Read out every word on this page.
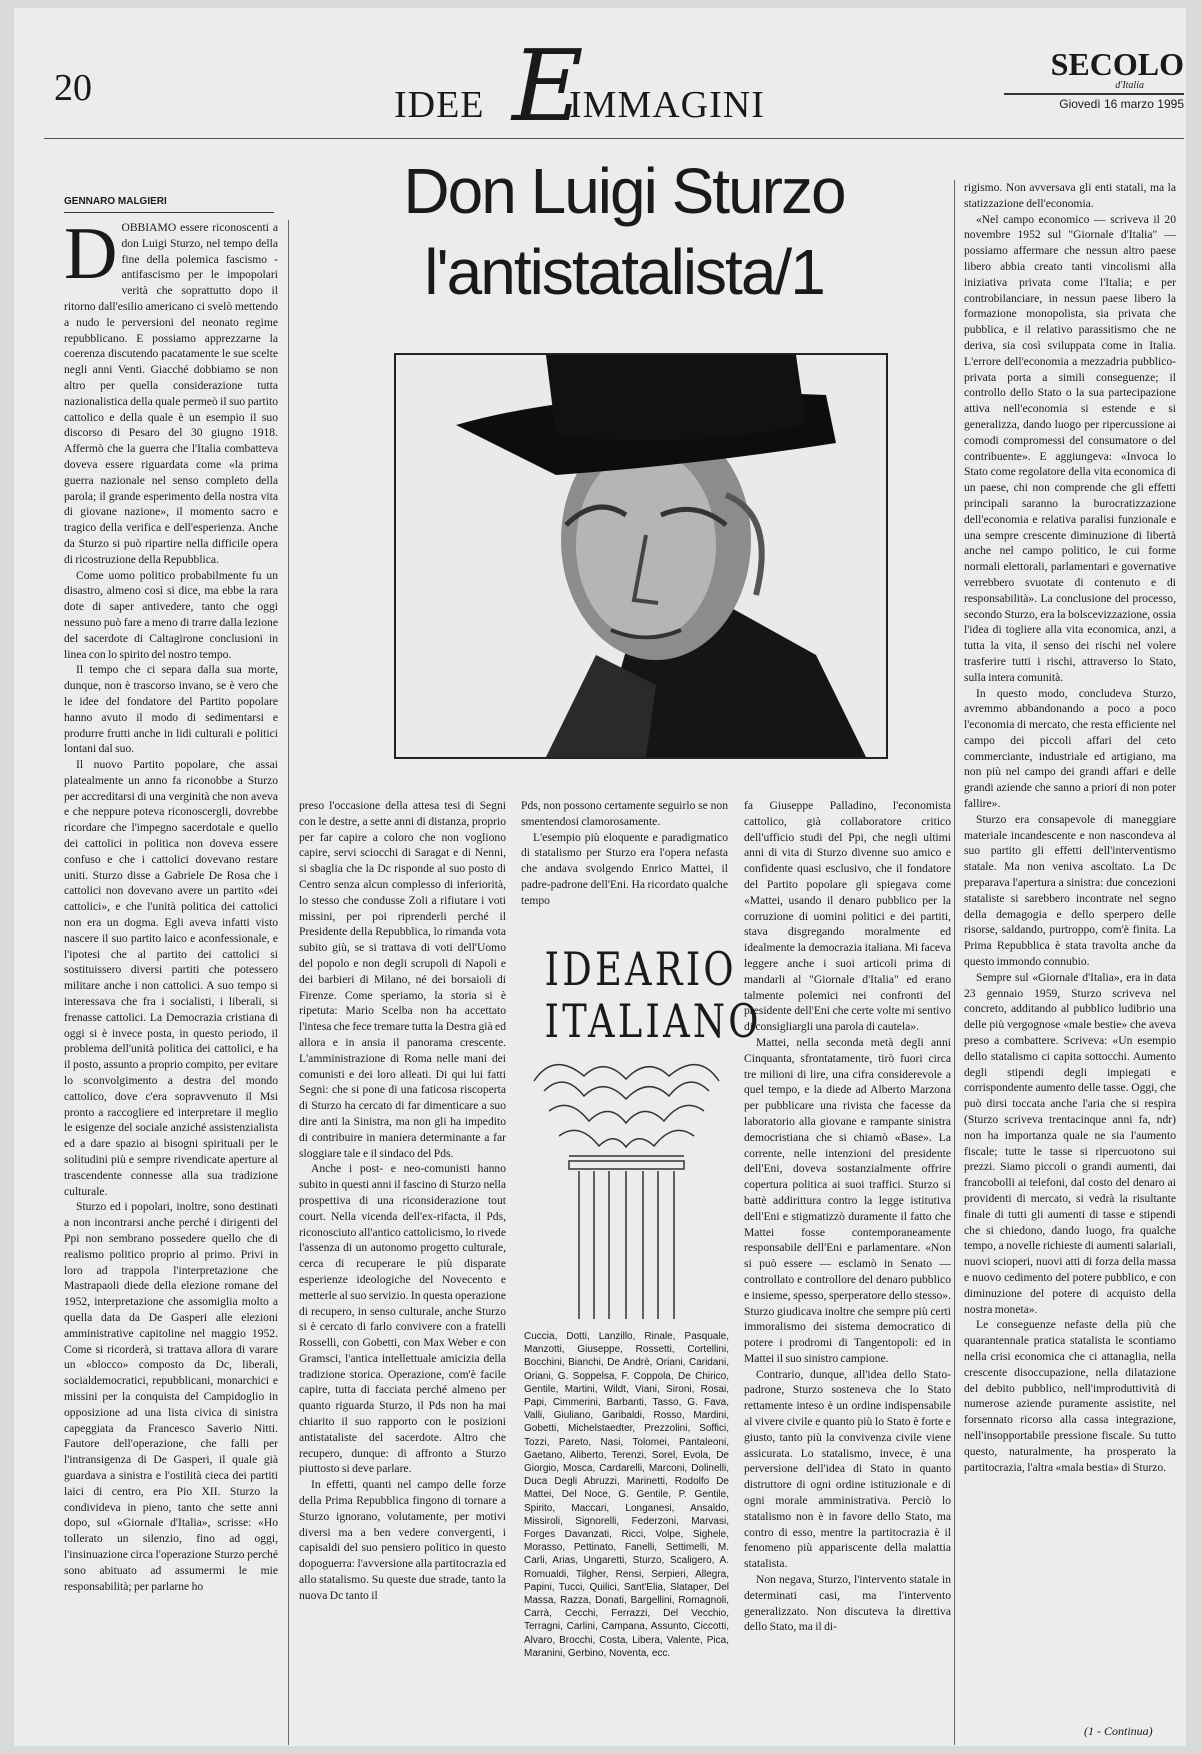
20	IDEE E
IMMAGINI
SECOLO
d'Italia
Giovedì 16 marzo 1995
GENNARO MALGIERI	Don Luigi Sturzo
l'antistatalista/1
D OBBIAMO essere riconoscenti a don Luigi Sturzo, nel tempo della fine della polemica fascismo - antifascismo per le impopolari verità che soprattutto dopo il ritorno dall'esilio americano ci svelò mettendo a nudo le perversioni del neonato regime repubblicano. E possiamo apprezzarne la coerenza discutendo pacatamente le sue scelte negli anni Venti. Giacché dobbiamo se non altro per quella considerazione tutta nazionalistica della quale permeò il suo partito cattolico e della quale è un esempio il suo discorso di Pesaro del 30 giugno 1918. Affermò che la guerra che l'Italia combatteva doveva essere riguardata come «la prima guerra nazionale nel senso completo della parola; il grande esperimento della nostra vita di giovane nazione», il momento sacro e tragico della verifica e dell'esperienza. Anche da Sturzo si può ripartire nella difficile opera di ricostruzione della Repubblica.

Come uomo politico probabilmente fu un disastro, almeno così si dice, ma ebbe la rara dote di saper antivedere, tanto che oggi nessuno può fare a meno di trarre dalla lezione del sacerdote di Caltagirone conclusioni in linea con lo spirito del nostro tempo.

Il tempo che ci separa dalla sua morte, dunque, non è trascorso invano, se è vero che le idee del fondatore del Partito popolare hanno avuto il modo di sedimentarsi e produrre frutti anche in lidi culturali e politici lontani dal suo.

Il nuovo Partito popolare, che assai platealmente un anno fa riconobbe a Sturzo per accreditarsi di una verginità che non aveva e che neppure poteva riconoscergli, dovrebbe ricordare che l'impegno sacerdotale e quello dei cattolici in politica non doveva essere confuso e che i cattolici dovevano restare uniti. Sturzo disse a Gabriele De Rosa che i cattolici non dovevano avere un partito «dei cattolici», e che l'unità politica dei cattolici non era un dogma. Egli aveva infatti visto nascere il suo partito laico e aconfessionale, e l'ipotesi che al partito dei cattolici si sostituissero diversi partiti che potessero militare anche i non cattolici. A suo tempo si interessava che fra i socialisti, i liberali, si frenasse cattolici. La Democrazia cristiana di oggi si è invece posta, in questo periodo, il problema dell'unità politica dei cattolici, e ha il posto, assunto a proprio compito, per evitare lo sconvolgimento a destra del mondo cattolico, dove c'era sopravvenuto il Msi pronto a raccogliere ed interpretare il meglio le esigenze del sociale anziché assistenzialista ed a dare spazio ai bisogni spirituali per le solitudini più e sempre rivendicate aperture al trascendente connesse alla sua tradizione culturale.

Sturzo ed i popolari, inoltre, sono destinati a non incontrarsi anche perché i dirigenti del Ppi non sembrano possedere quello che di realismo politico proprio al primo. Privi in loro ad trappola l'interpretazione che Mastrapaoli diede della elezione romane del 1952, interpretazione che assomiglia molto a quella data da De Gasperi alle elezioni amministrative capitoline nel maggio 1952. Come si ricorderà, si trattava allora di varare un «blocco» composto da Dc, liberali, socialdemocratici, repubblicani, monarchici e missini per la conquista del Campidoglio in opposizione ad una lista civica di sinistra capeggiata da Francesco Saverio Nitti. Fautore dell'operazione, che falli per l'intransigenza di De Gasperi, il quale già guardava a sinistra e l'ostilità cieca dei partiti laici di centro, era Pio XII. Sturzo la condivideva in pieno, tanto che sette anni dopo, sul «Giornale d'Italia», scrisse: «Ho tollerato un silenzio, fino ad oggi, l'insinuazione circa l'operazione Sturzo perché sono abituato ad assumermi le mie responsabilità; per parlarne ho

preso l'occasione della attesa tesi di Segni con le destre, a sette anni di distanza, proprio per far capire a coloro che non vogliono capire, servi sciocchi di Saragat e di Nenni, si sbaglia che la Dc risponde al suo posto di Centro senza alcun complesso di inferiorità, lo stesso che condusse Zoli a rifiutare i voti missini, per poi riprenderli perché il Presidente della Repubblica, lo rimanda vota subito giù, se si trattava di voti dell'Uomo del popolo e non degli scrupoli di Napoli e dei barbieri di Milano, né dei borsaioli di Firenze. Come speriamo, la storia si è ripetuta: Mario Scelba non ha accettato l'intesa che fece tremare tutta la Destra già ed allora e in ansia il panorama crescente. L'amministrazione di Roma nelle mani dei comunisti e dei loro alleati. Di qui lui fatti Segni: che si pone di una faticosa riscoperta di Sturzo ha cercato di far dimenticare a suo dire anti la Sinistra, ma non gli ha impedito di contribuire in maniera determinante a far sloggiare tale e il sindaco del Pds.

Anche i post- e neo-comunisti hanno subito in questi anni il fascino di Sturzo nella prospettiva di una riconsiderazione tout court. Nella vicenda dell'ex-rifacta, il Pds, riconosciuto all'antico cattolicismo, lo rivede l'assenza di un autonomo progetto culturale, cerca di recuperare le più disparate esperienze ideologiche del Novecento e metterle al suo servizio. In questa operazione di recupero, in senso culturale, anche Sturzo si è cercato di farlo convivere con a fratelli Rosselli, con Gobetti, con Max Weber e con Gramsci, l'antica intellettuale amicizia della tradizione storica. Operazione, com'è facile capire, tutta di facciata perché almeno per quanto riguarda Sturzo, il Pds non ha mai chiarito il suo rapporto con le posizioni antistataliste del sacerdote. Altro che recupero, dunque: di affronto a Sturzo piuttosto si deve parlare.

In effetti, quanti nel campo delle forze della Prima Repubblica fingono di tornare a Sturzo ignorano, volutamente, per motivi diversi ma a ben vedere convergenti, i capisaldi del suo pensiero politico in questo dopoguerra: l'avversione alla partitocrazia ed allo statalismo. Su queste due strade, tanto la nuova Dc tanto il

Pds, non possono certamente seguirlo se non smentendosi clamorosamente.

L'esempio più eloquente e paradigmatico di statalismo per Sturzo era l'opera nefasta che andava svolgendo Enrico Mattei, il padre-padrone dell'Eni. Ha ricordato qualche tempo

IDEARIO
ITALIANO
Cuccia, Dotti, Lanzillo, Rinale, Pasquale, Manzotti, Giuseppe, Rossetti, Cortellini, Bocchini, Bianchi, De Andrè, Oriani, Caridani, Oriani, G. Soppelsa, F. Coppola, De Chirico, Gentile, Martini, Wildt, Viani, Sironi, Rosai, Papi, Cimmerini, Barbanti, Tasso, G. Fava, Valli, Giuliano, Garibaldi, Rosso, Mardini, Gobetti, Michelstaedter, Prezzolini, Soffici, Tozzi, Pareto, Nasi, Tolomei, Pantaleoni, Gaetano, Aliberto, Terenzi, Sorel, Evola, De Giorgio, Mosca, Cardarelli, Marconi, Dolinelli, Duca Degli Abruzzi, Marinetti, Rodolfo De Mattei, Del Noce, G. Gentile, P. Gentile, Spirito, Maccari, Longanesi, Ansaldo, Missiroli, Signorelli, Federzoni, Marvasi, Forges Davanzati, Ricci, Volpe, Sighele, Morasso, Pettinato, Fanelli, Settimelli, M. Carli, Arias, Ungaretti, Sturzo, Scaligero, A. Romualdi, Tilgher, Rensi, Serpieri, Allegra, Papini, Tucci, Quilici, Sant'Elia, Slataper, Del Massa, Razza, Donati, Bargellini, Romagnoli, Carrà, Cecchi, Ferrazzi, Del Vecchio, Terragni, Carlini, Campana, Assunto, Ciccotti, Alvaro, Brocchi, Costa, Libera, Valente, Pica, Maranini, Gerbino, Noventa, ecc.

fa Giuseppe Palladino, l'economista cattolico, già collaboratore critico dell'ufficio studi del Ppi, che negli ultimi anni di vita di Sturzo divenne suo amico e confidente quasi esclusivo, che il fondatore del Partito popolare gli spiegava come «Mattei, usando il denaro pubblico per la corruzione di uomini politici e dei partiti, stava disgregando moralmente ed idealmente la democrazia italiana. Mi faceva leggere anche i suoi articoli prima di mandarli al "Giornale d'Italia" ed erano talmente polemici nei confronti del presidente dell'Eni che certe volte mi sentivo di consigliargli una parola di cautela».

Mattei, nella seconda metà degli anni Cinquanta, sfrontatamente, tirò fuori circa tre milioni di lire, una cifra considerevole a quel tempo, e la diede ad Alberto Marzona per pubblicare una rivista che facesse da laboratorio alla giovane e rampante sinistra democristiana che si chiamò «Base». La corrente, nelle intenzioni del presidente dell'Eni, doveva sostanzialmente offrire copertura politica ai suoi traffici. Sturzo si battè addirittura contro la legge istitutiva dell'Eni e stigmatizzò duramente il fatto che Mattei fosse contemporaneamente responsabile dell'Eni e parlamentare. «Non si può essere — esclamò in Senato — controllato e controllore del denaro pubblico e insieme, spesso, sperperatore dello stesso». Sturzo giudicava inoltre che sempre più certi immoralismo dei sistema democratico di potere i prodromi di Tangentopoli: ed in Mattei il suo sinistro campione.

Contrario, dunque, all'idea dello Stato-padrone, Sturzo sosteneva che lo Stato rettamente inteso è un ordine indispensabile al vivere civile e quanto più lo Stato è forte e giusto, tanto più la convivenza civile viene assicurata. Lo statalismo, invece, è una perversione dell'idea di Stato in quanto distruttore di ogni ordine istituzionale e di ogni morale amministrativa. Perciò lo statalismo non è in favore dello Stato, ma contro di esso, mentre la partitocrazia è il fenomeno più appariscente della malattia statalista.

Non negava, Sturzo, l'intervento statale in determinati casi, ma l'intervento generalizzato. Non discuteva la direttiva dello Stato, ma il di-

rigismo. Non avversava gli enti statali, ma la statizzazione dell'economia.

«Nel campo economico — scriveva il 20 novembre 1952 sul "Giornale d'Italia" — possiamo affermare che nessun altro paese libero abbia creato tanti vincolismi alla iniziativa privata come l'Italia; e per controbilanciare, in nessun paese libero la formazione monopolista, sia privata che pubblica, e il relativo parassitismo che ne deriva, sia così sviluppata come in Italia. L'errore dell'economia a mezzadria pubblico-privata porta a simili conseguenze; il controllo dello Stato o la sua partecipazione attiva nell'economia si estende e si generalizza, dando luogo per ripercussione ai comodi compromessi del consumatore o del contribuente». E aggiungeva: «Invoca lo Stato come regolatore della vita economica di un paese, chi non comprende che gli effetti principali saranno la burocratizzazione dell'economia e relativa paralisi funzionale e una sempre crescente diminuzione di libertà anche nel campo politico, le cui forme normali elettorali, parlamentari e governative verrebbero svuotate di contenuto e di responsabilità». La conclusione del processo, secondo Sturzo, era la bolscevizzazione, ossia l'idea di togliere alla vita economica, anzi, a tutta la vita, il senso dei rischi nel volere trasferire tutti i rischi, attraverso lo Stato, sulla intera comunità.

In questo modo, concludeva Sturzo, avremmo abbandonando a poco a poco l'economia di mercato, che resta efficiente nel campo dei piccoli affari del ceto commerciante, industriale ed artigiano, ma non più nel campo dei grandi affari e delle grandi aziende che sanno a priori di non poter fallire».

Sturzo era consapevole di maneggiare materiale incandescente e non nascondeva al suo partito gli effetti dell'interventismo statale. Ma non veniva ascoltato. La Dc preparava l'apertura a sinistra: due concezioni stataliste si sarebbero incontrate nel segno della demagogia e dello sperpero delle risorse, saldando, purtroppo, com'è finita. La Prima Repubblica è stata travolta anche da questo immondo connubio.

Sempre sul «Giornale d'Italia», era in data 23 gennaio 1959, Sturzo scriveva nel concreto, additando al pubblico ludibrio una delle più vergognose «male bestie» che aveva preso a combattere. Scriveva: «Un esempio dello statalismo ci capita sottocchi. Aumento degli stipendi degli impiegati e corrispondente aumento delle tasse. Oggi, che può dirsi toccata anche l'aria che si respira (Sturzo scriveva trentacinque anni fa, ndr) non ha importanza quale ne sia l'aumento fiscale; tutte le tasse si ripercuotono sui prezzi. Siamo piccoli o grandi aumenti, dai francobolli ai telefoni, dal costo del denaro ai providenti di mercato, si vedrà la risultante finale di tutti gli aumenti di tasse e stipendi che si chiedono, dando luogo, fra qualche tempo, a novelle richieste di aumenti salariali, nuovi scioperi, nuovi atti di forza della massa e nuovo cedimento del potere pubblico, e con diminuzione del potere di acquisto della nostra moneta».

Le conseguenze nefaste della più che quarantennale pratica statalista le scontiamo nella crisi economica che ci attanaglia, nella crescente disoccupazione, nella dilatazione del debito pubblico, nell'improduttività di numerose aziende puramente assistite, nel forsennato ricorso alla cassa integrazione, nell'insopportabile pressione fiscale. Su tutto questo, naturalmente, ha prosperato la partitocrazia, l'altra «mala bestia» di Sturzo.

(1 - Continua)
